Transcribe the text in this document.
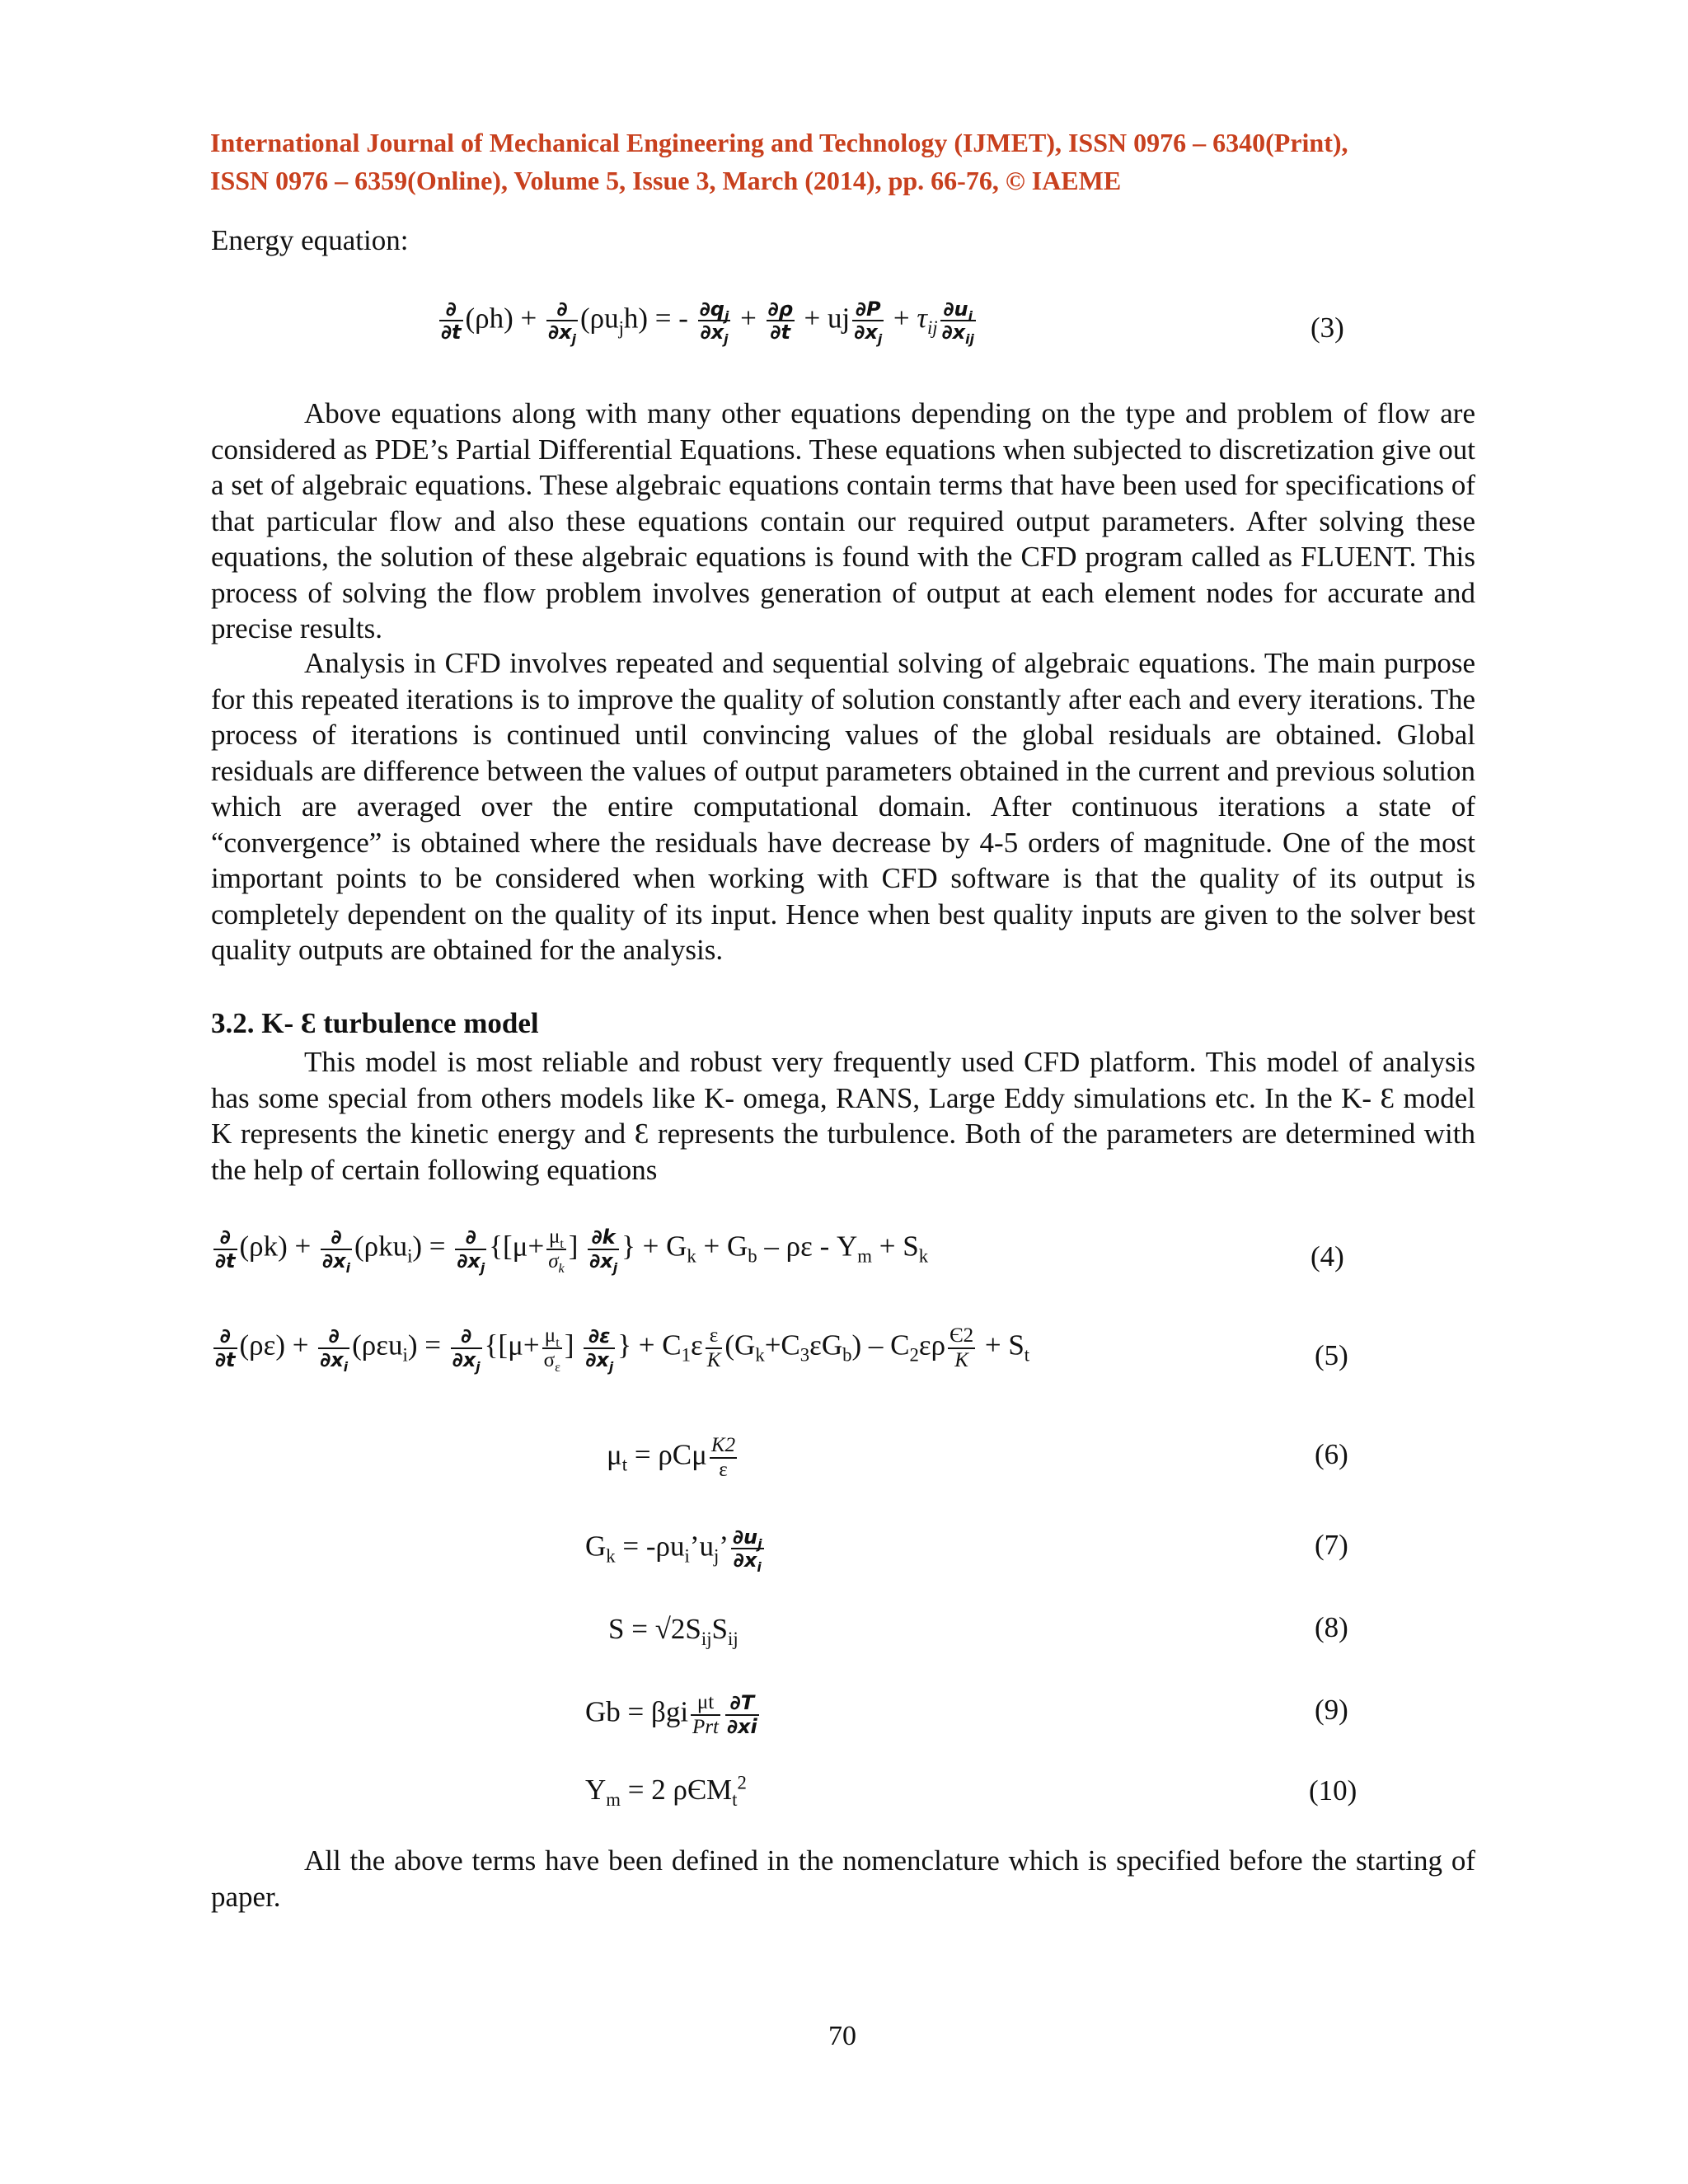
International Journal of Mechanical Engineering and Technology (IJMET), ISSN 0976 – 6340(Print),
ISSN 0976 – 6359(Online), Volume 5, Issue 3, March (2014), pp. 66-76, © IAEME
Energy equation:
$\frac{\partial}{\partial t} (\rho h) + \frac{\partial}{\partial x_j} (\rho u_jh)$ = - $\frac{\partial q_j}{\partial x_j} + \frac{\partial\rho}{\partial t}$ + uj $\frac{\partial P}{\partial x_j} + \tau_{ij} \frac{\partial u_i}{\partial x_{ij}}$	(3)
Above equations along with many other equations depending on the type and problem of flow are considered as PDE’s Partial Differential Equations. These equations when subjected to discretization give out a set of algebraic equations. These algebraic equations contain terms that have been used for specifications of that particular flow and also these equations contain our required output parameters. After solving these equations, the solution of these algebraic equations is found with the CFD program called as FLUENT. This process of solving the flow problem involves generation of output at each element nodes for accurate and precise results.
Analysis in CFD involves repeated and sequential solving of algebraic equations. The main purpose for this repeated iterations is to improve the quality of solution constantly after each and every iterations. The process of iterations is continued until convincing values of the global residuals are obtained. Global residuals are difference between the values of output parameters obtained in the current and previous solution which are averaged over the entire computational domain. After continuous iterations a state of “convergence” is obtained where the residuals have decrease by 4-5 orders of magnitude. One of the most important points to be considered when working with CFD software is that the quality of its output is completely dependent on the quality of its input. Hence when best quality inputs are given to the solver best quality outputs are obtained for the analysis.
3.2. K- Ɛ turbulence model
This model is most reliable and robust very frequently used CFD platform. This model of analysis has some special from others models like K- omega, RANS, Large Eddy simulations etc. In the K- Ɛ model K represents the kinetic energy and Ɛ represents the turbulence. Both of the parameters are determined with the help of certain following equations
$\frac{\partial}{\partial t} (\rho k) + \frac{\partial}{\partial x_i} (\rho ku_i) = \frac{\partial}{\partial x_j} \{[\mu+ \frac{\mu_t}{\sigma_k}$ ] $\frac{\partial k}{\partial x_j}$ } + $G_k + G_b - \rho\varepsilon - Y_m + S_k$	(4)
$\frac{\partial}{\partial t} (\rho\varepsilon) + \frac{\partial}{\partial x_i} (\rho\varepsilon u_i) = \frac{\partial}{\partial x_j} \{[\mu+ \frac{\mu_t}{\sigma_\varepsilon}$ ] $\frac{\partial\varepsilon}{\partial x_j}$ } + $C_1\varepsilon \frac{\varepsilon}{K} (G_k+C_3\varepsilon G_b) - C_2\varepsilon\rho \frac{Є2}{K} + S_t$	(5)
$\mu_t = \rho C\mu \frac{K2}{\varepsilon}$	(6)
$G_k$ = $-\rho u_i’u_j$’ $\frac{\partial u_j}{\partial x_i}$	(7)
$S = √2S_{ij}S_{ij}$	(8)
Gb = βgi $\frac{\mu t}{\text{Prt}} \frac{\partial T}{\partial xi}$	(9)
$Y_m = 2$ ρЄM$_t^2$	(10)
All the above terms have been defined in the nomenclature which is specified before the starting of paper.
70
